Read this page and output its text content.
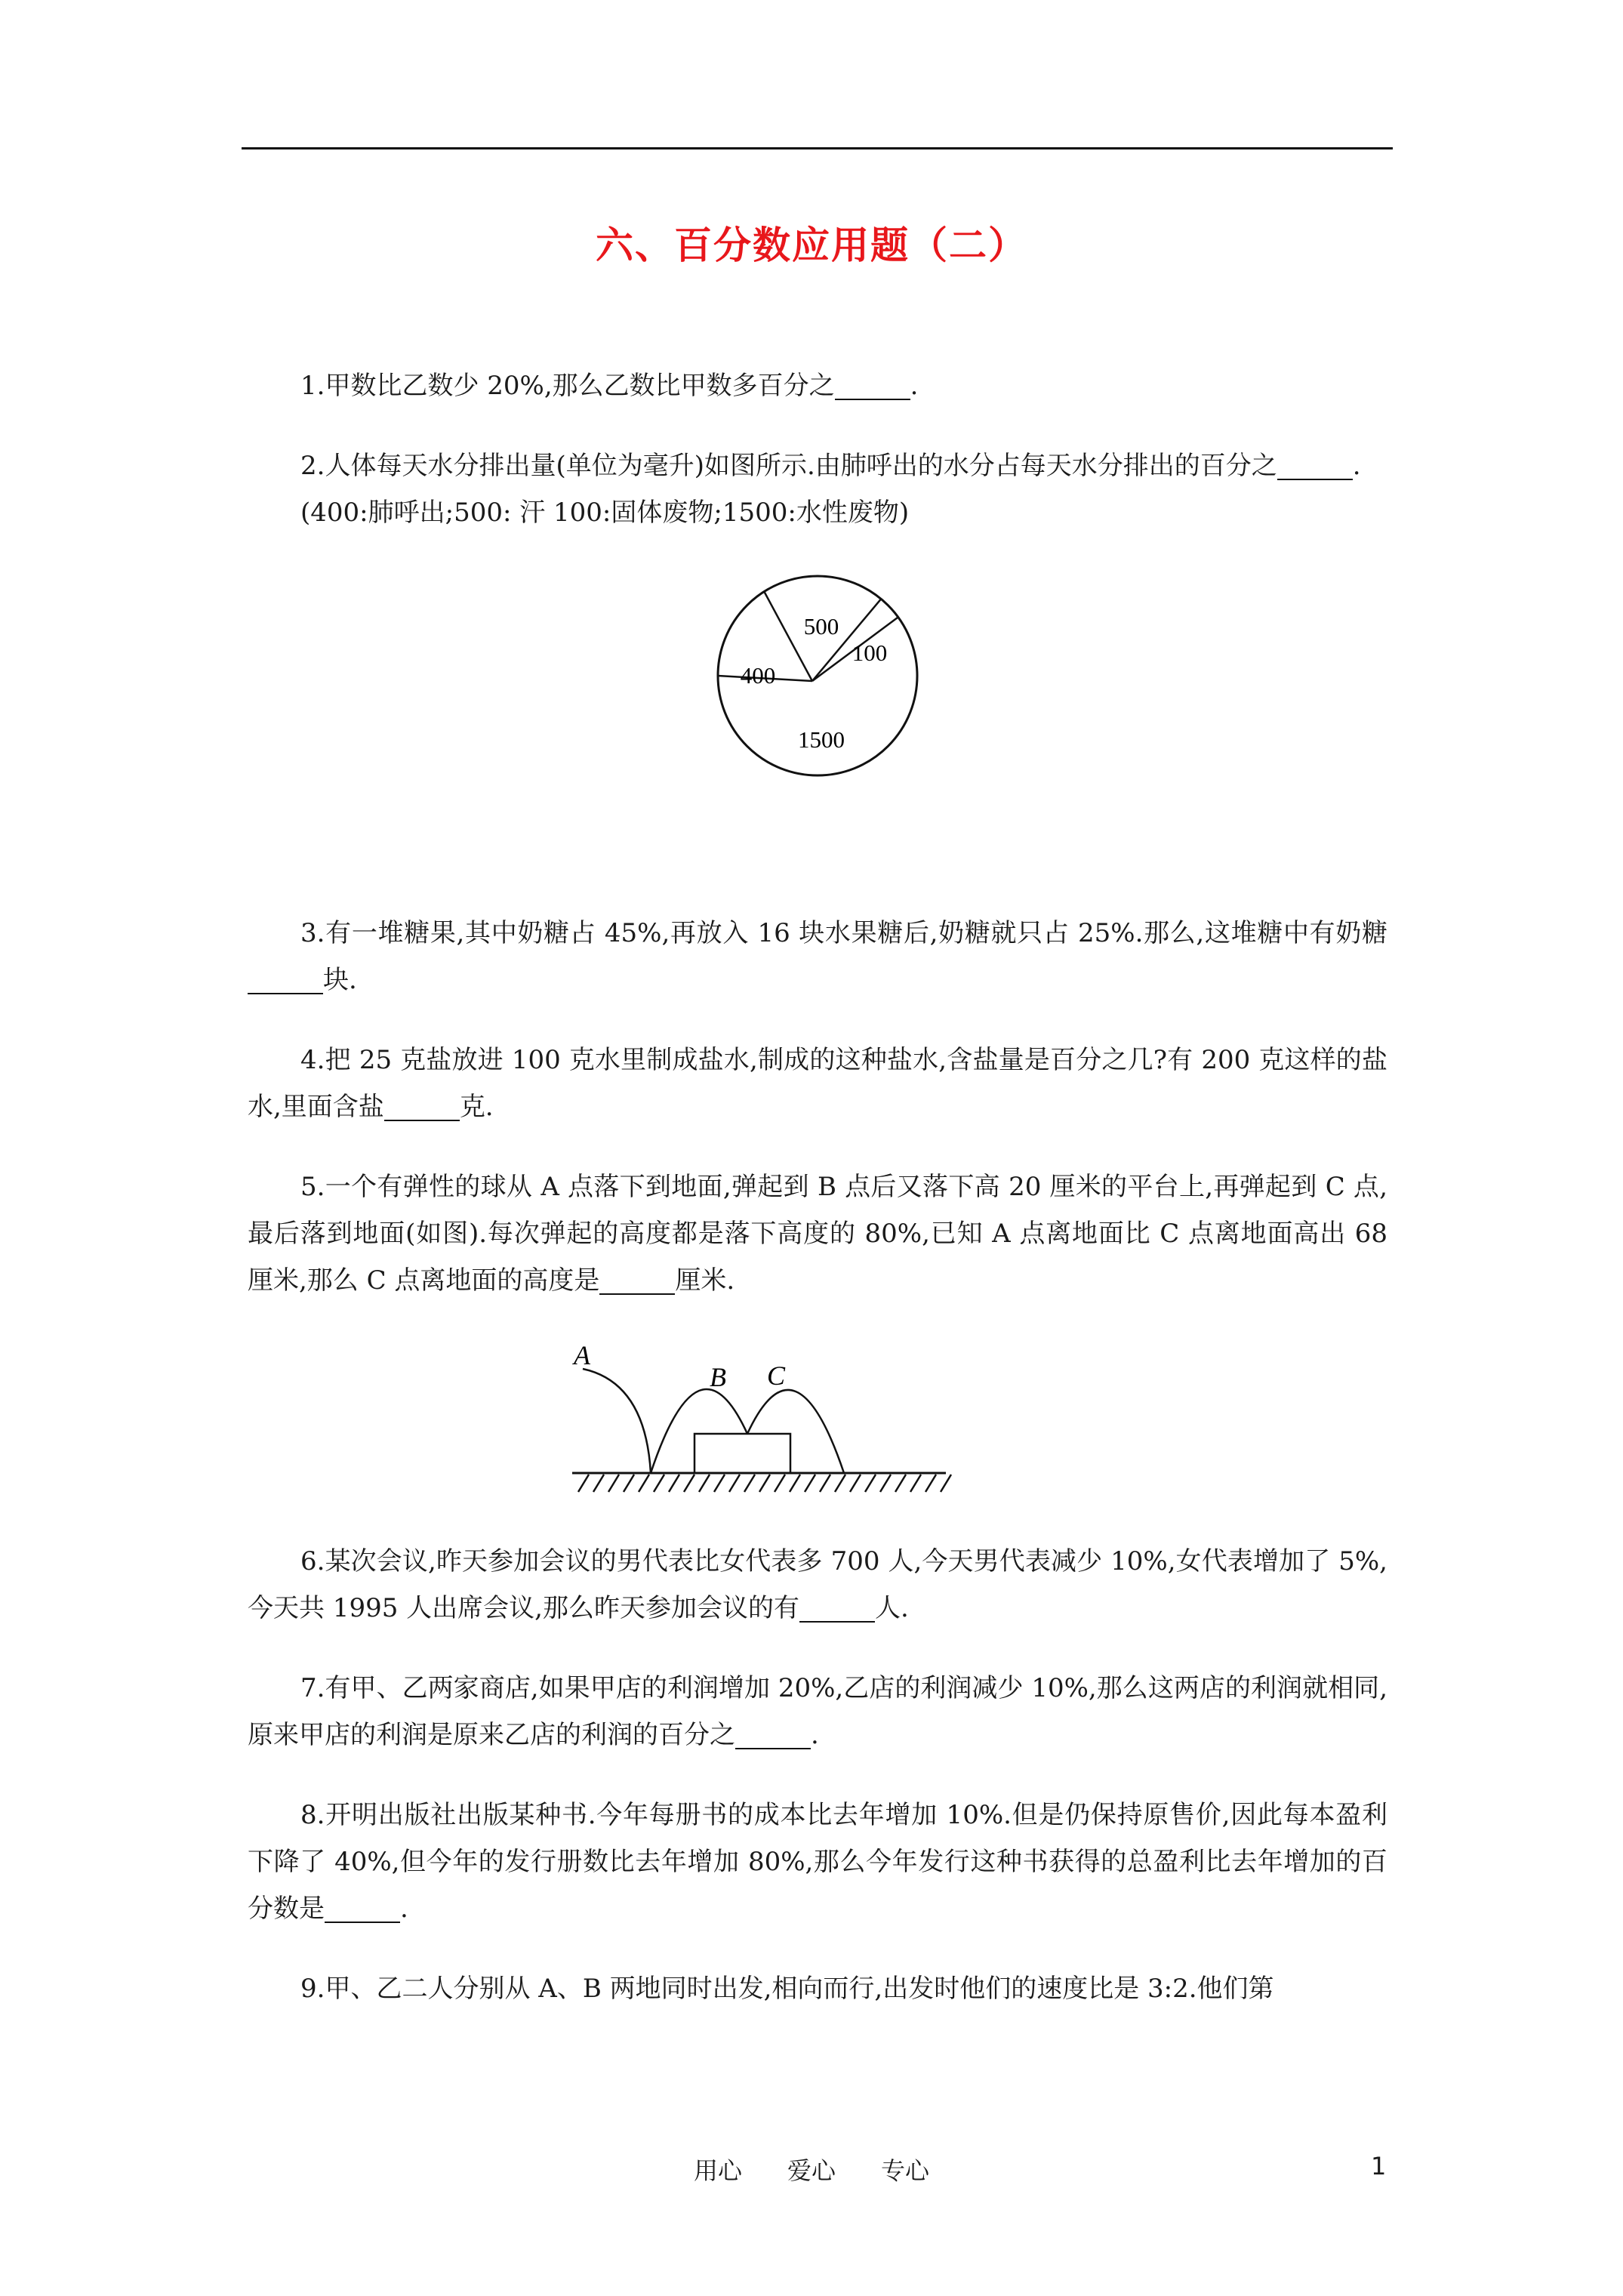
六、百分数应用题（二）

1.甲数比乙数少 20%,那么乙数比甲数多百分之	.

2.人体每天水分排出量(单位为毫升)如图所示.由肺呼出的水分占每天水分排出的百分之	.

(400:肺呼出;500: 汗 100:固体废物;1500:水性废物)

400
500
100
1500

3.有一堆糖果,其中奶糖占 45%,再放入 16 块水果糖后,奶糖就只占 25%.那么,这堆糖中有奶糖块.

4.把 25 克盐放进 100 克水里制成盐水,制成的这种盐水,含盐量是百分之几?有 200 克这样的盐水,里面含盐	克.

5.一个有弹性的球从 A 点落下到地面,弹起到 B 点后又落下高 20 厘米的平台上,再弹起到 C 点,最后落到地面(如图).每次弹起的高度都是落下高度的 80%,已知 A 点离地面比 C 点离地面高出 68 厘米,那么 C 点离地面的高度是	厘米.

A
B C

6.某次会议,昨天参加会议的男代表比女代表多 700 人,今天男代表减少 10%,女代表增加了 5%,今天共 1995 人出席会议,那么昨天参加会议的有	人.

7.有甲、乙两家商店,如果甲店的利润增加 20%,乙店的利润减少 10%,那么这两店的利润就相同,原来甲店的利润是原来乙店的利润的百分之	.

8.开明出版社出版某种书.今年每册书的成本比去年增加 10%.但是仍保持原售价,因此每本盈利下降了 40%,但今年的发行册数比去年增加 80%,那么今年发行这种书获得的总盈利比去年增加的百分数是	.

9.甲、乙二人分别从 A、B 两地同时出发,相向而行,出发时他们的速度比是 3:2.他们第

用心 爱心 专心	1
